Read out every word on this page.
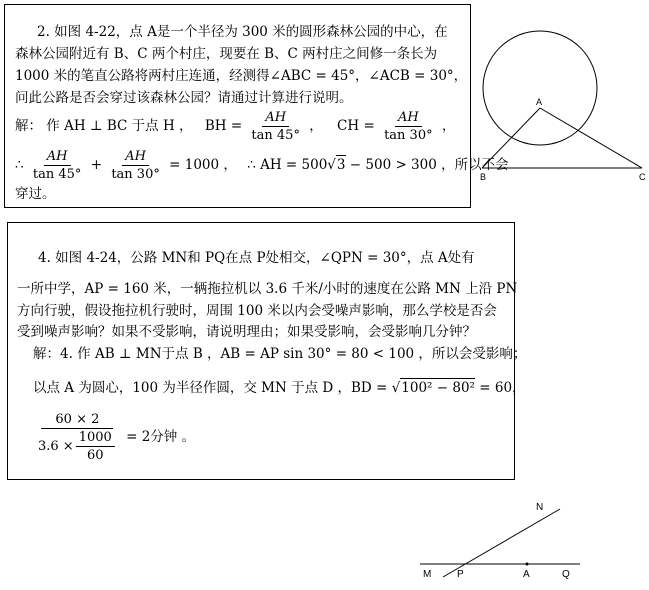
2. 如图 4-22，点 A是一个半径为 300 米的圆形森林公园的中心，在
森林公园附近有 B、C 两个村庄，现要在 B、C 两村庄之间修一条长为
1000 米的笔直公路将两村庄连通，经测得∠ABC = 45°，∠ACB = 30°，
问此公路是否会穿过该森林公园？请通过计算进行说明。
解： 作 AH ⊥ BC 于点 H ， BH = $\frac{AH}{\tan 45^\circ}$ ， CH = $\frac{AH}{\tan 30^\circ}$ ，
∴ $\frac{AH}{\tan 45^\circ} + \frac{AH}{\tan 30^\circ} = 1000$ ， ∴ AH = 500√3 − 500 > 300 ，所以不会
穿过。
A
B	C
4. 如图 4-24，公路 MN和 PQ在点 P处相交，∠QPN = 30°，点 A处有
一所中学，AP = 160 米，一辆拖拉机以 3.6 千米/小时的速度在公路 MN 上沿 PN
方向行驶，假设拖拉机行驶时，周围 100 米以内会受噪声影响，那么学校是否会
受到噪声影响？如果不受影响，请说明理由；如果受影响，会受影响几分钟？
解：4. 作 AB ⊥ MN于点 B ，AB = AP sin 30° = 80 < 100 ，所以会受影响；
以点 A 为圆心，100 为半径作圆，交 MN 于点 D ，BD = √100² − 80² = 60，
$\frac{60 \times 2}{3.6 \times \frac{1000}{60}} = 2$分钟 。
N
M	P	A	Q
